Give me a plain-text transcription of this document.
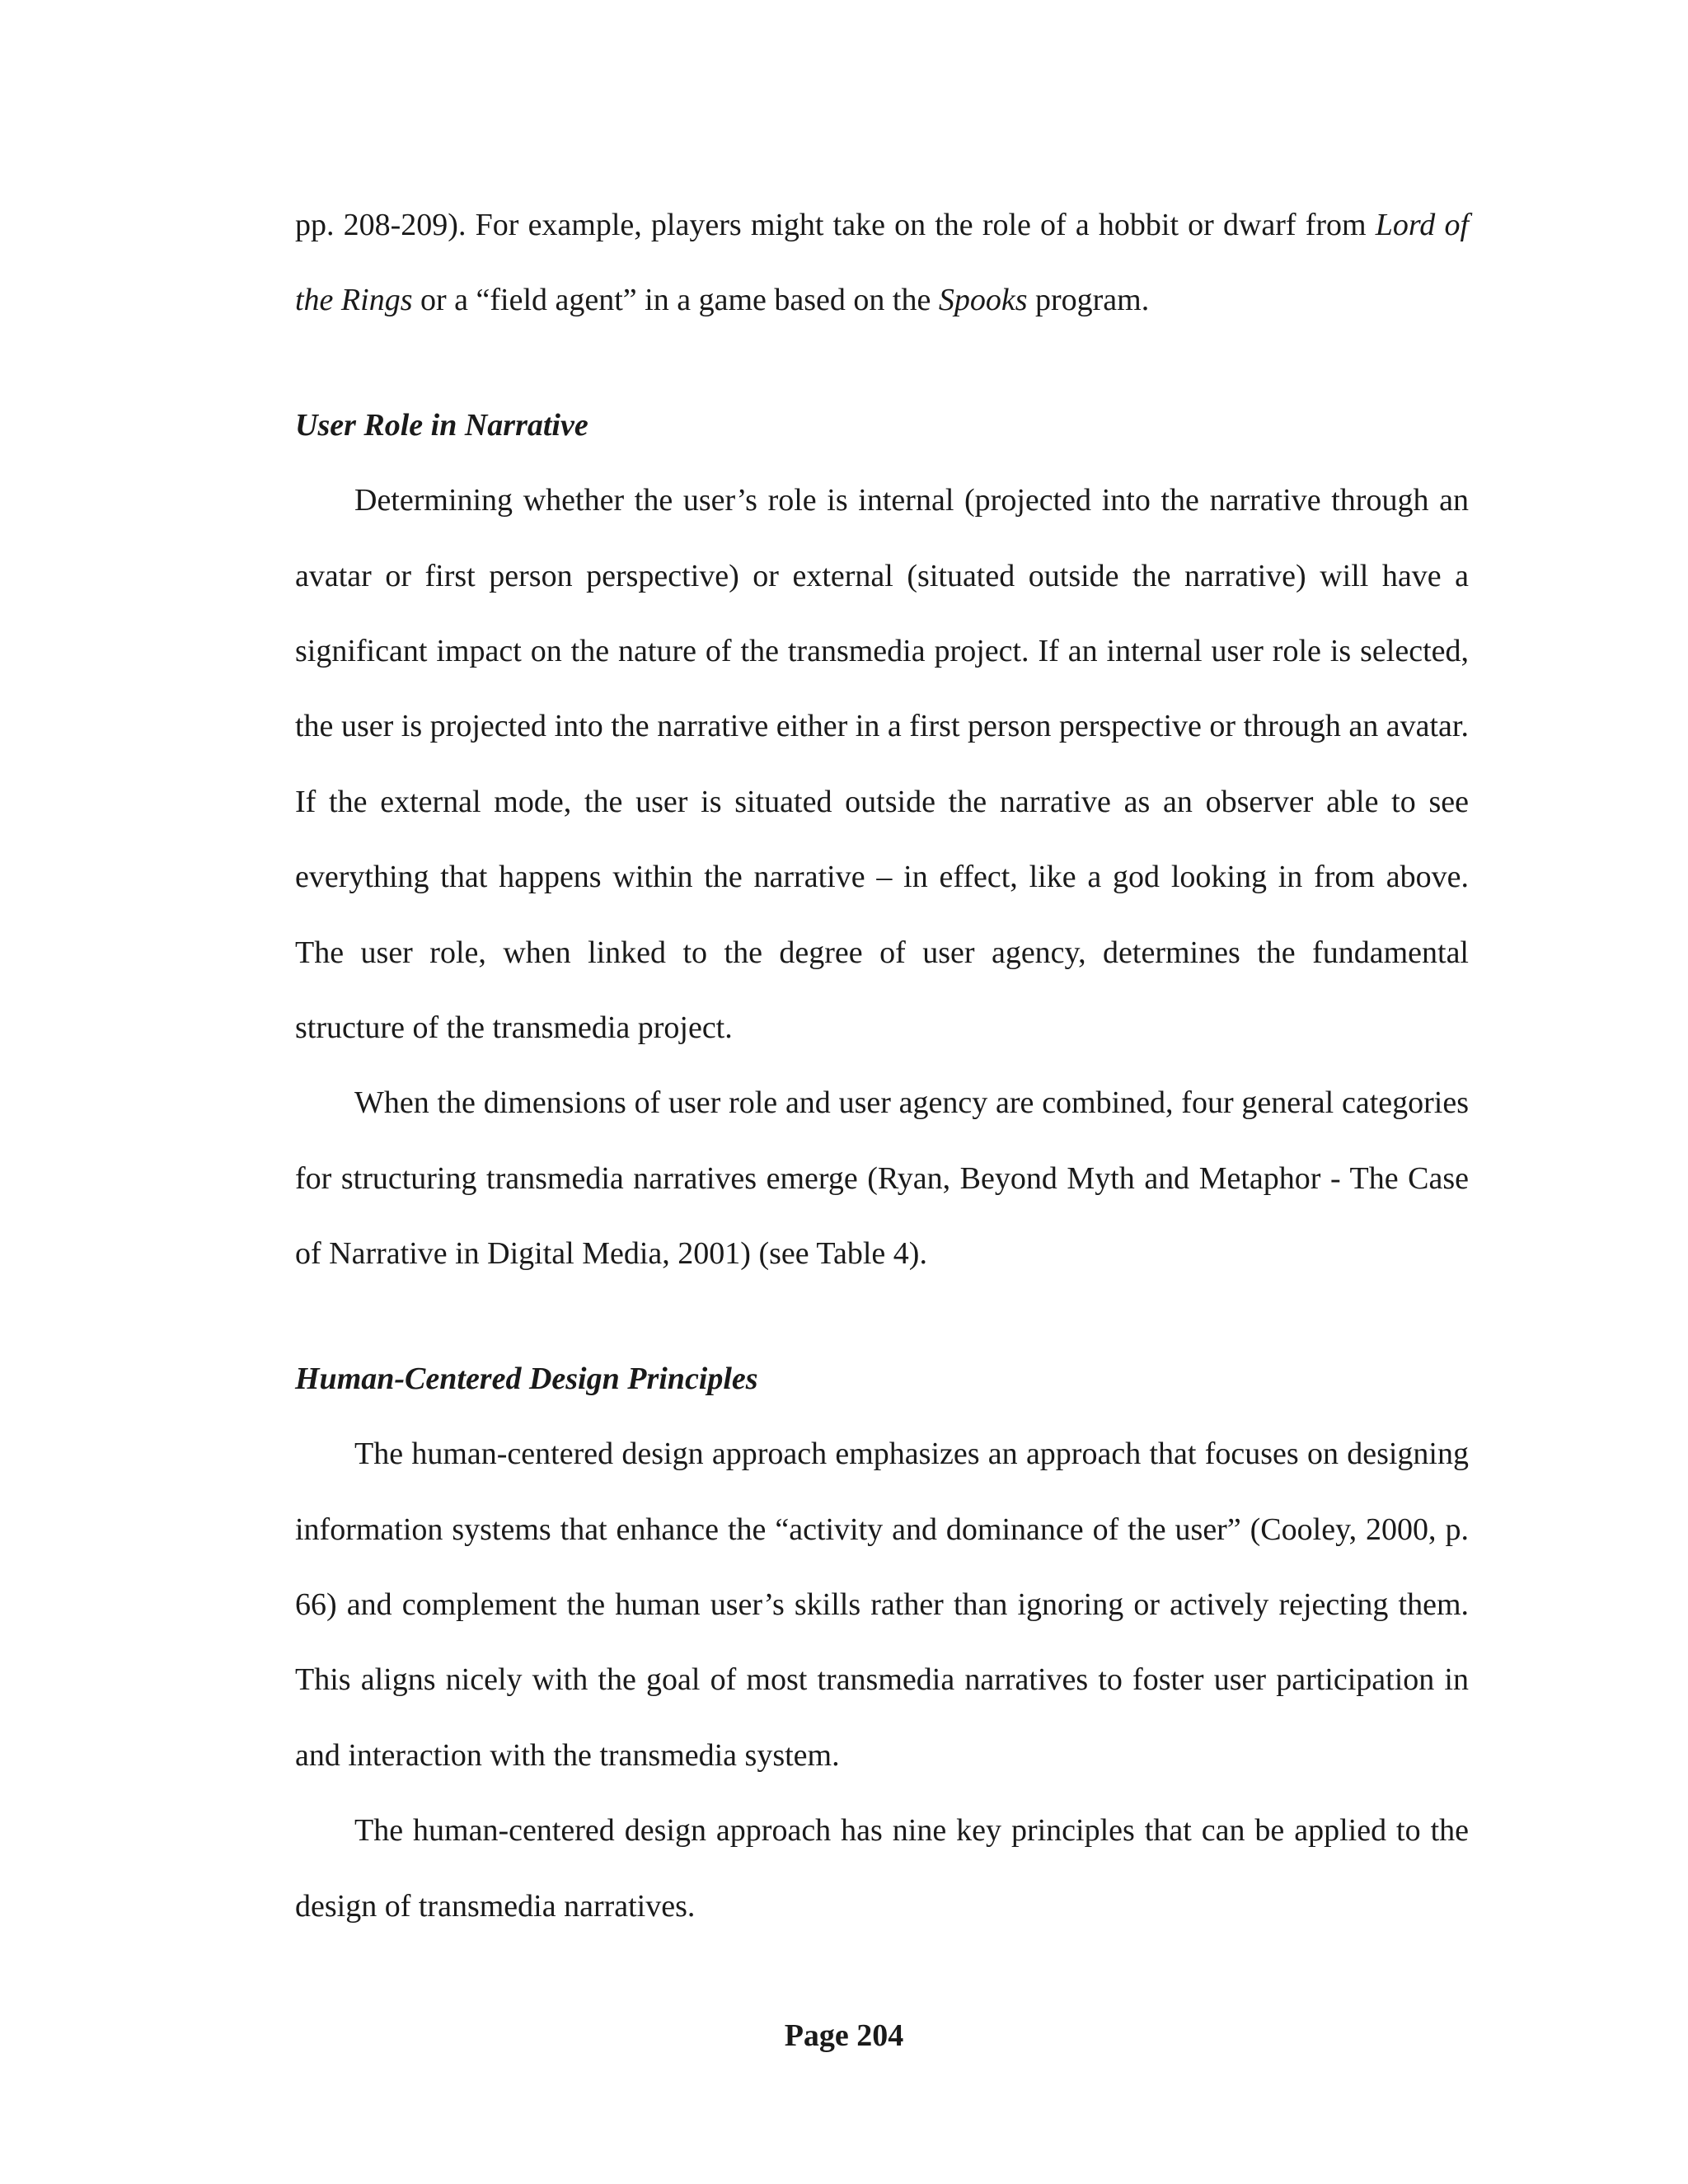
pp. 208-209). For example, players might take on the role of a hobbit or dwarf from Lord of the Rings or a “field agent” in a game based on the Spooks program.

User Role in Narrative

Determining whether the user’s role is internal (projected into the narrative through an avatar or first person perspective) or external (situated outside the narrative) will have a significant impact on the nature of the transmedia project. If an internal user role is selected, the user is projected into the narrative either in a first person perspective or through an avatar. If the external mode, the user is situated outside the narrative as an observer able to see everything that happens within the narrative – in effect, like a god looking in from above. The user role, when linked to the degree of user agency, determines the fundamental structure of the transmedia project.

When the dimensions of user role and user agency are combined, four general categories for structuring transmedia narratives emerge (Ryan, Beyond Myth and Metaphor - The Case of Narrative in Digital Media, 2001) (see Table 4).

Human-Centered Design Principles

The human-centered design approach emphasizes an approach that focuses on designing information systems that enhance the “activity and dominance of the user” (Cooley, 2000, p. 66) and complement the human user’s skills rather than ignoring or actively rejecting them. This aligns nicely with the goal of most transmedia narratives to foster user participation in and interaction with the transmedia system.

The human-centered design approach has nine key principles that can be applied to the design of transmedia narratives.

Page 204
